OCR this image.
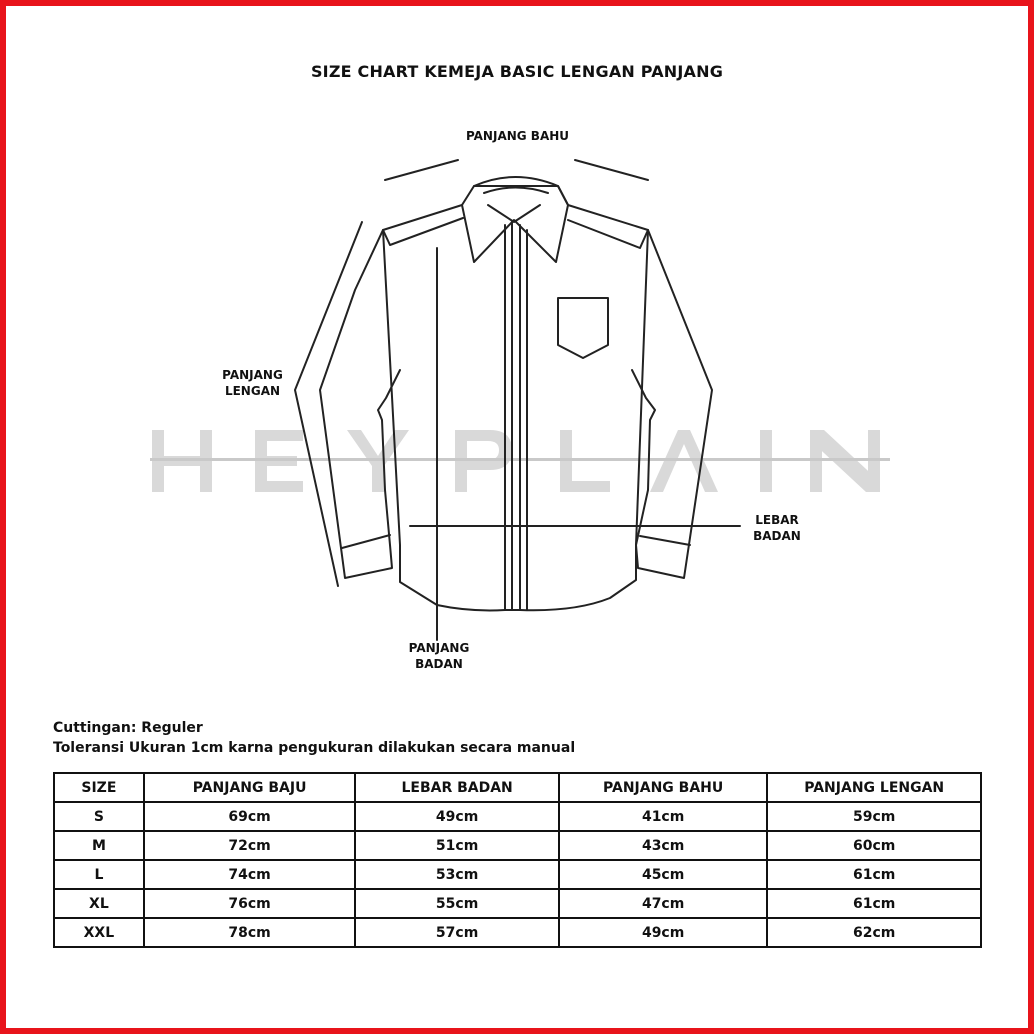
SIZE CHART KEMEJA BASIC LENGAN PANJANG
PANJANG BAHU
PANJANG
LENGAN
LEBAR
BADAN
PANJANG
BADAN
Cuttingan: Reguler
Toleransi Ukuran 1cm karna pengukuran dilakukan secara manual
SIZE	PANJANG BAJU	LEBAR BADAN	PANJANG BAHU	PANJANG LENGAN
S	69cm	49cm	41cm	59cm
M	72cm	51cm	43cm	60cm
L	74cm	53cm	45cm	61cm
XL	76cm	55cm	47cm	61cm
XXL	78cm	57cm	49cm	62cm
